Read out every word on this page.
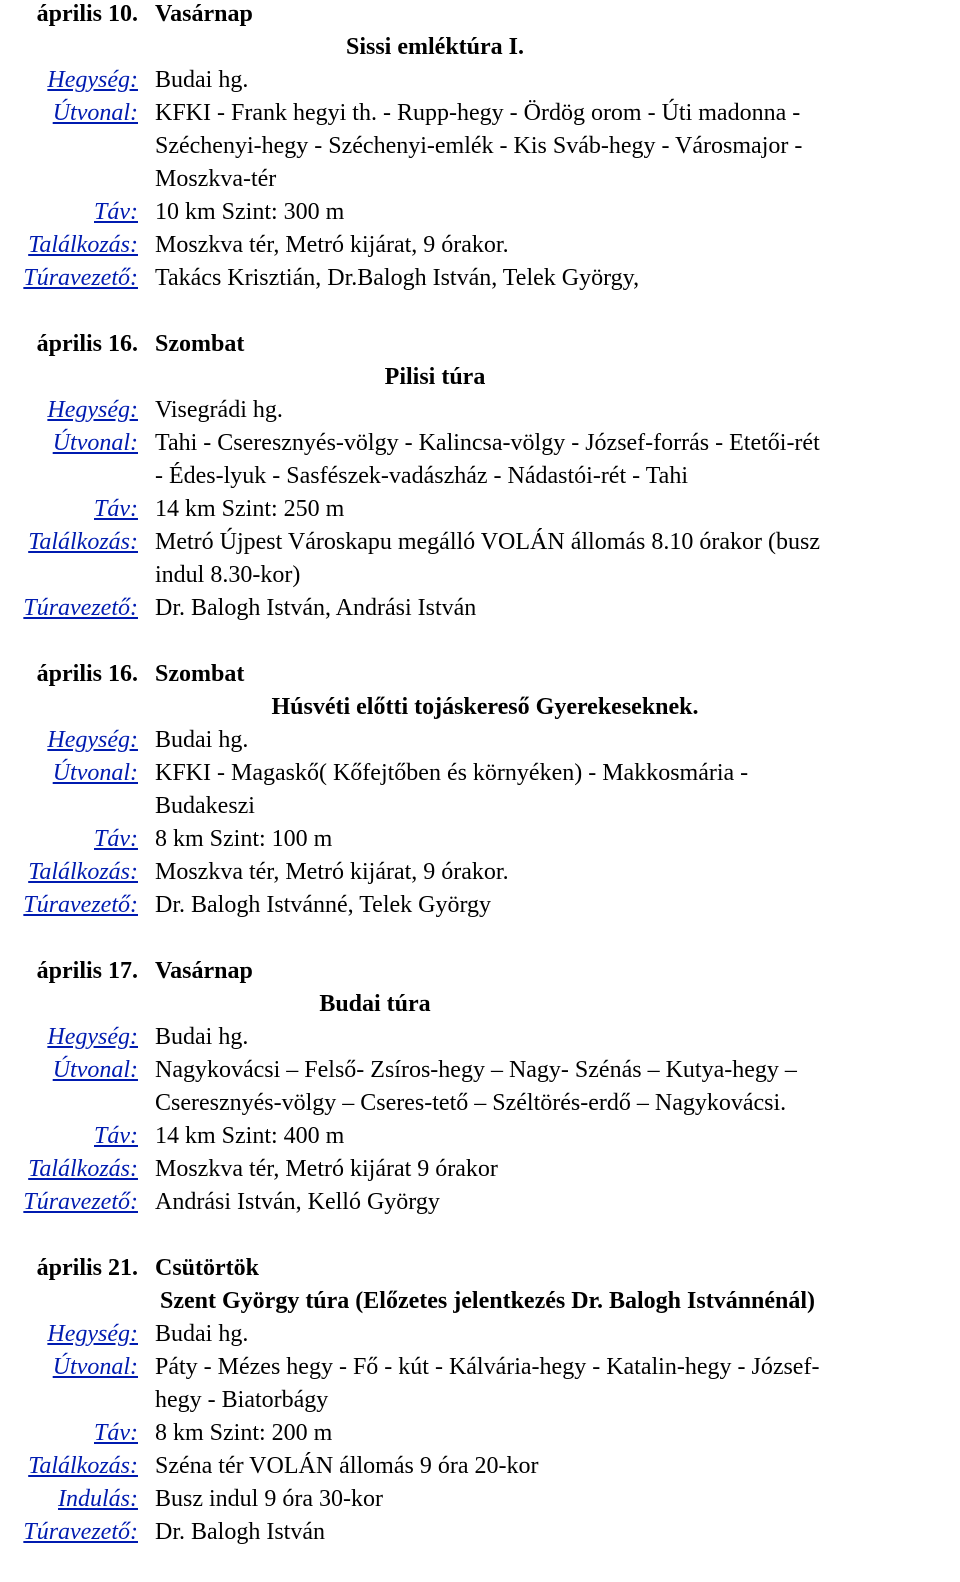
április 10. Vasárnap
Sissi emléktúra I.
Hegység: Budai hg.
Útvonal: KFKI - Frank hegyi th. - Rupp-hegy - Ördög orom - Úti madonna -
Széchenyi-hegy - Széchenyi-emlék - Kis Sváb-hegy - Városmajor -
Moszkva-tér
Táv: 10 km Szint: 300 m
Találkozás: Moszkva tér, Metró kijárat, 9 órakor.
Túravezető: Takács Krisztián, Dr.Balogh István, Telek György,
április 16. Szombat
Pilisi túra
Hegység: Visegrádi hg.
Útvonal: Tahi - Cseresznyés-völgy - Kalincsa-völgy - József-forrás - Etetői-rét
- Édes-lyuk - Sasfészek-vadászház - Nádastói-rét - Tahi
Táv: 14 km Szint: 250 m
Találkozás: Metró Újpest Városkapu megálló VOLÁN állomás 8.10 órakor (busz
indul 8.30-kor)
Túravezető: Dr. Balogh István, Andrási István
április 16. Szombat
Húsvéti előtti tojáskereső Gyerekeseknek.
Hegység: Budai hg.
Útvonal: KFKI - Magaskő( Kőfejtőben és környéken) - Makkosmária -
Budakeszi
Táv: 8 km Szint: 100 m
Találkozás: Moszkva tér, Metró kijárat, 9 órakor.
Túravezető: Dr. Balogh Istvánné, Telek György
április 17. Vasárnap
Budai túra
Hegység: Budai hg.
Útvonal: Nagykovácsi – Felső- Zsíros-hegy – Nagy- Szénás – Kutya-hegy –
Cseresznyés-völgy – Cseres-tető – Széltörés-erdő – Nagykovácsi.
Táv: 14 km Szint: 400 m
Találkozás: Moszkva tér, Metró kijárat 9 órakor
Túravezető: Andrási István, Kelló György
április 21. Csütörtök
Szent György túra (Előzetes jelentkezés Dr. Balogh Istvánnénál)
Hegység: Budai hg.
Útvonal: Páty - Mézes hegy - Fő - kút - Kálvária-hegy - Katalin-hegy - József-
hegy - Biatorbágy
Táv: 8 km Szint: 200 m
Találkozás: Széna tér VOLÁN állomás 9 óra 20-kor
Indulás: Busz indul 9 óra 30-kor
Túravezető: Dr. Balogh István
